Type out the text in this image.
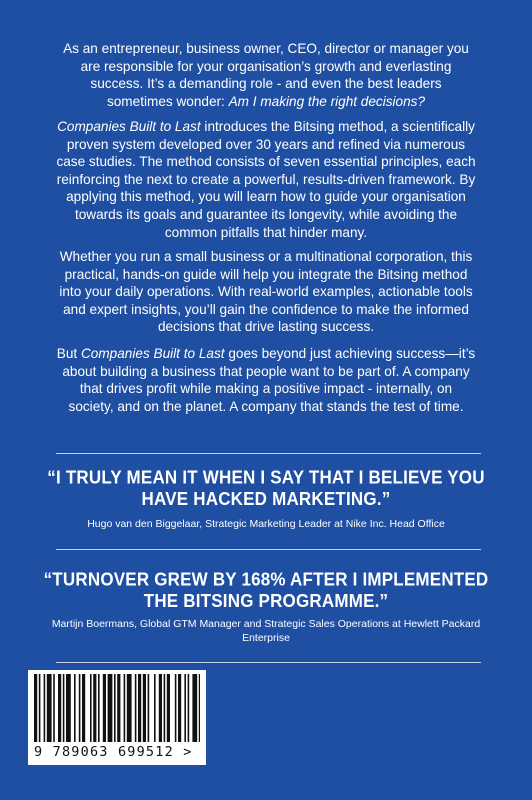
As an entrepreneur, business owner, CEO, director or manager you are responsible for your organisation’s growth and everlasting success. It’s a demanding role - and even the best leaders sometimes wonder: Am I making the right decisions?

Companies Built to Last introduces the Bitsing method, a scientifically proven system developed over 30 years and refined via numerous case studies. The method consists of seven essential principles, each reinforcing the next to create a powerful, results-driven framework. By applying this method, you will learn how to guide your organisation towards its goals and guarantee its longevity, while avoiding the common pitfalls that hinder many.

Whether you run a small business or a multinational corporation, this practical, hands-on guide will help you integrate the Bitsing method into your daily operations. With real-world examples, actionable tools and expert insights, you’ll gain the confidence to make the informed decisions that drive lasting success.

But Companies Built to Last goes beyond just achieving success—it’s about building a business that people want to be part of. A company that drives profit while making a positive impact - internally, on society, and on the planet. A company that stands the test of time.

“I TRULY MEAN IT WHEN I SAY THAT I BELIEVE YOU HAVE HACKED MARKETING.”
Hugo van den Biggelaar, Strategic Marketing Leader at Nike Inc. Head Office
“TURNOVER GREW BY 168% AFTER I IMPLEMENTED THE BITSING PROGRAMME.”
Martijn Boermans, Global GTM Manager and Strategic Sales Operations at Hewlett Packard Enterprise
9 789063 699512 >
